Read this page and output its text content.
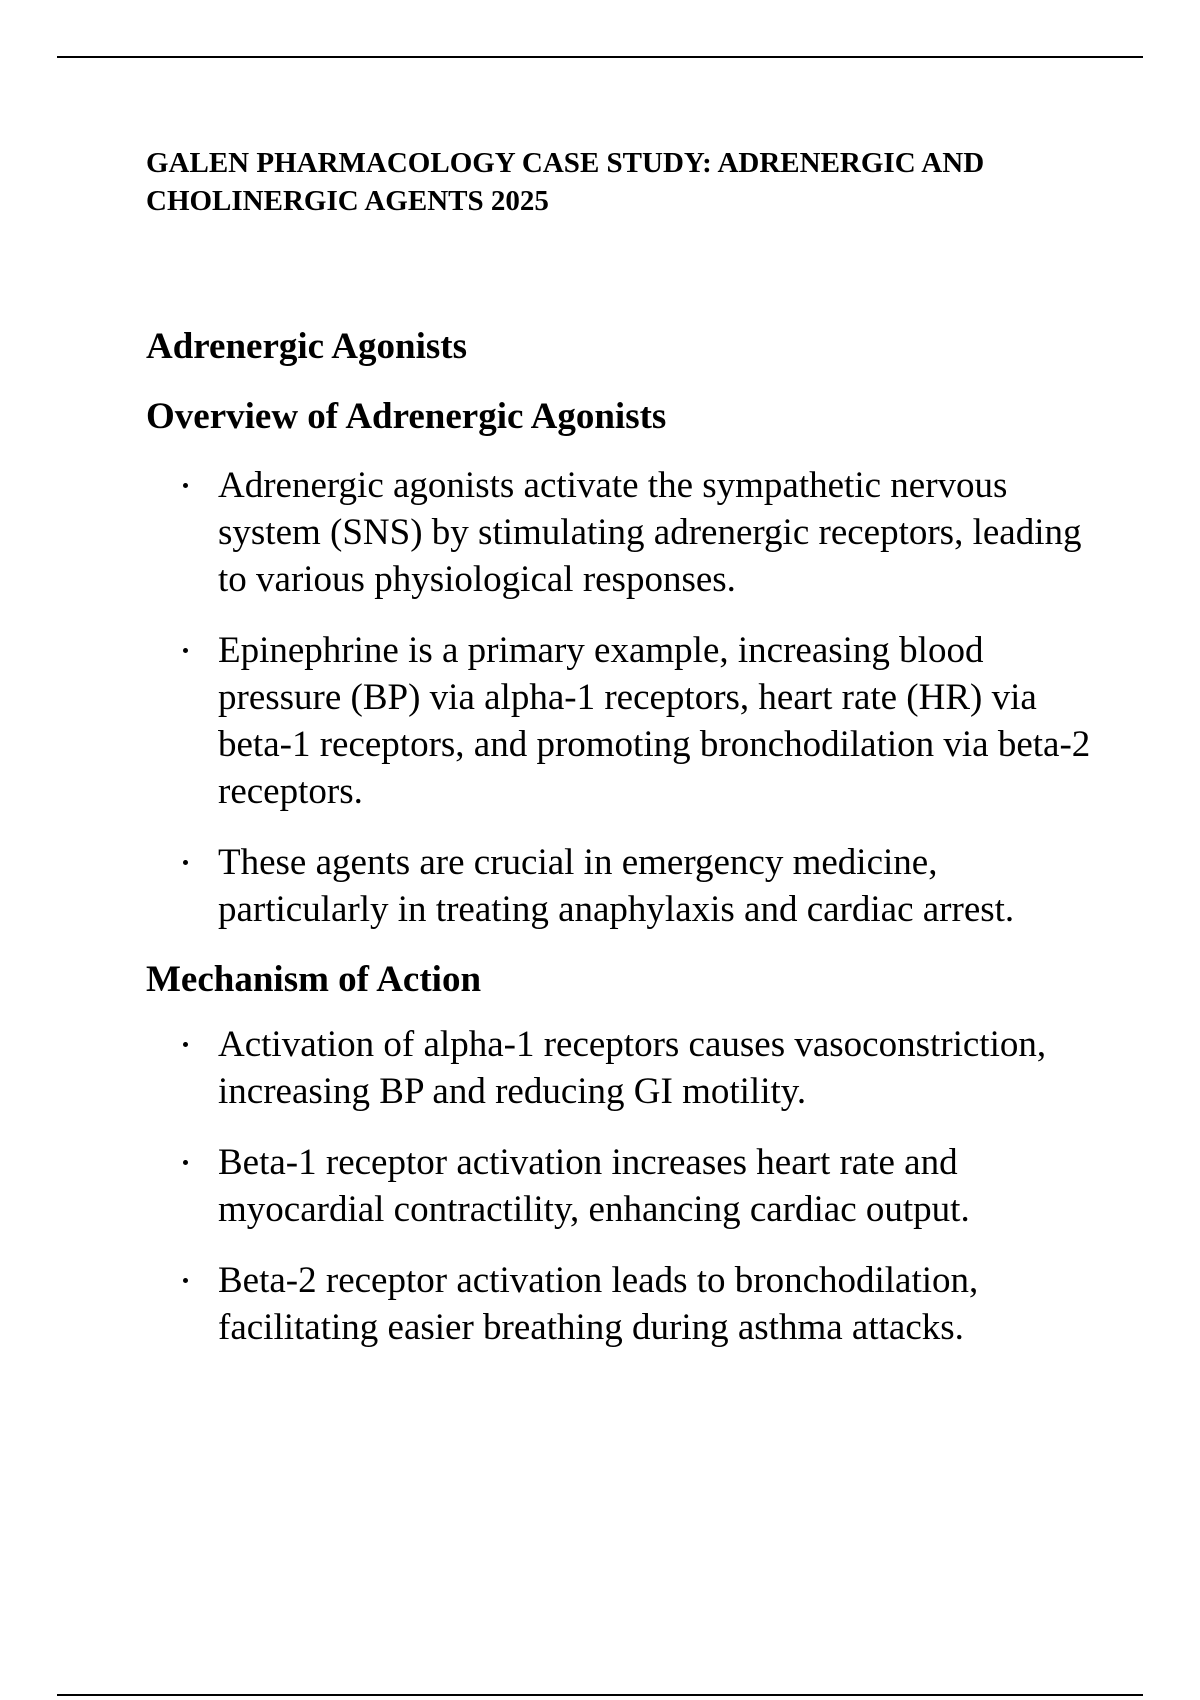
GALEN PHARMACOLOGY CASE STUDY: ADRENERGIC AND CHOLINERGIC AGENTS 2025
Adrenergic Agonists
Overview of Adrenergic Agonists
Adrenergic agonists activate the sympathetic nervous system (SNS) by stimulating adrenergic receptors, leading to various physiological responses.
Epinephrine is a primary example, increasing blood pressure (BP) via alpha-1 receptors, heart rate (HR) via beta-1 receptors, and promoting bronchodilation via beta-2 receptors.
These agents are crucial in emergency medicine, particularly in treating anaphylaxis and cardiac arrest.
Mechanism of Action
Activation of alpha-1 receptors causes vasoconstriction, increasing BP and reducing GI motility.
Beta-1 receptor activation increases heart rate and myocardial contractility, enhancing cardiac output.
Beta-2 receptor activation leads to bronchodilation, facilitating easier breathing during asthma attacks.
